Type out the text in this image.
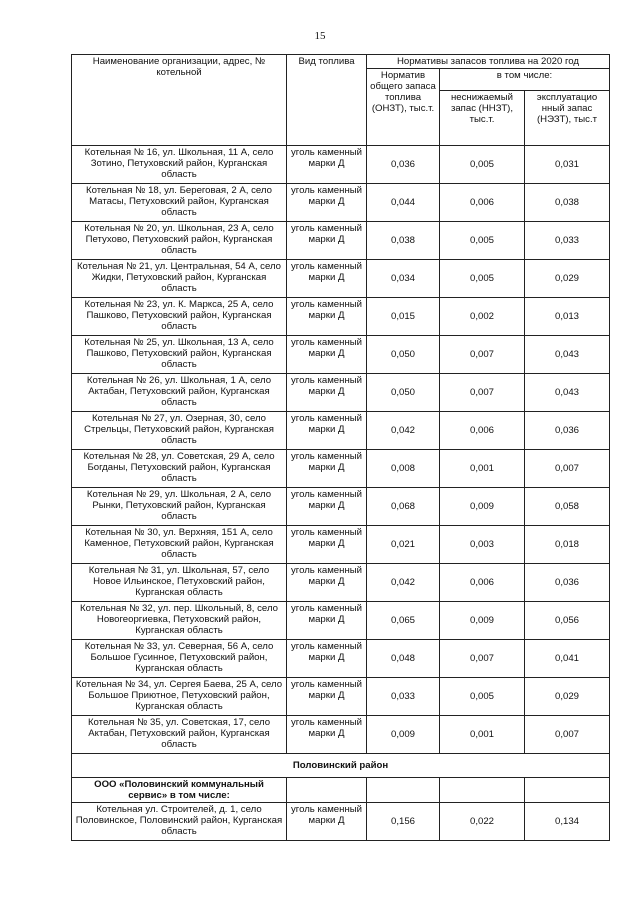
15
Наименование организации, адрес, № котельной	Вид топлива	Нормативы запасов топлива на 2020 год		
		Норматив общего запаса топлива (ОНЗТ), тыс.т.	в том числе:	
			неснижаемый запас (ННЗТ), тыс.т.	эксплуатацио нный запас (НЭЗТ), тыс.т
Котельная № 16, ул. Школьная, 11 А, село Зотино, Петуховский район, Курганская область	уголь каменный марки Д	0,036	0,005	0,031
Котельная № 18, ул. Береговая, 2 А, село Матасы, Петуховский район, Курганская область	уголь каменный марки Д	0,044	0,006	0,038
Котельная № 20, ул. Школьная, 23 А, село Петухово, Петуховский район, Курганская область	уголь каменный марки Д	0,038	0,005	0,033
Котельная № 21, ул. Центральная, 54 А, село Жидки, Петуховский район, Курганская область	уголь каменный марки Д	0,034	0,005	0,029
Котельная № 23, ул. К. Маркса, 25 А, село Пашково, Петуховский район, Курганская область	уголь каменный марки Д	0,015	0,002	0,013
Котельная № 25, ул. Школьная, 13 А, село Пашково, Петуховский район, Курганская область	уголь каменный марки Д	0,050	0,007	0,043
Котельная № 26, ул. Школьная, 1 А, село Актабан, Петуховский район, Курганская область	уголь каменный марки Д	0,050	0,007	0,043
Котельная № 27, ул. Озерная, 30, село Стрельцы, Петуховский район, Курганская область	уголь каменный марки Д	0,042	0,006	0,036
Котельная № 28, ул. Советская, 29 А, село Богданы, Петуховский район, Курганская область	уголь каменный марки Д	0,008	0,001	0,007
Котельная № 29, ул. Школьная, 2 А, село Рынки, Петуховский район, Курганская область	уголь каменный марки Д	0,068	0,009	0,058
Котельная № 30, ул. Верхняя, 151 А, село Каменное, Петуховский район, Курганская область	уголь каменный марки Д	0,021	0,003	0,018
Котельная № 31, ул. Школьная, 57, село Новое Ильинское, Петуховский район, Курганская область	уголь каменный марки Д	0,042	0,006	0,036
Котельная № 32, ул. пер. Школьный, 8, село Новогеоргиевка, Петуховский район, Курганская область	уголь каменный марки Д	0,065	0,009	0,056
Котельная № 33, ул. Северная, 56 А, село Большое Гусинное, Петуховский район, Курганская область	уголь каменный марки Д	0,048	0,007	0,041
Котельная № 34, ул. Сергея Баева, 25 А, село Большое Приютное, Петуховский район, Курганская область	уголь каменный марки Д	0,033	0,005	0,029
Котельная № 35, ул. Советская, 17, село Актабан, Петуховский район, Курганская область	уголь каменный марки Д	0,009	0,001	0,007
Половинский район				
ООО «Половинский коммунальный сервис» в том числе:				
Котельная ул. Строителей, д. 1, село Половинское, Половинский район, Курганская область	уголь каменный марки Д	0,156	0,022	0,134
